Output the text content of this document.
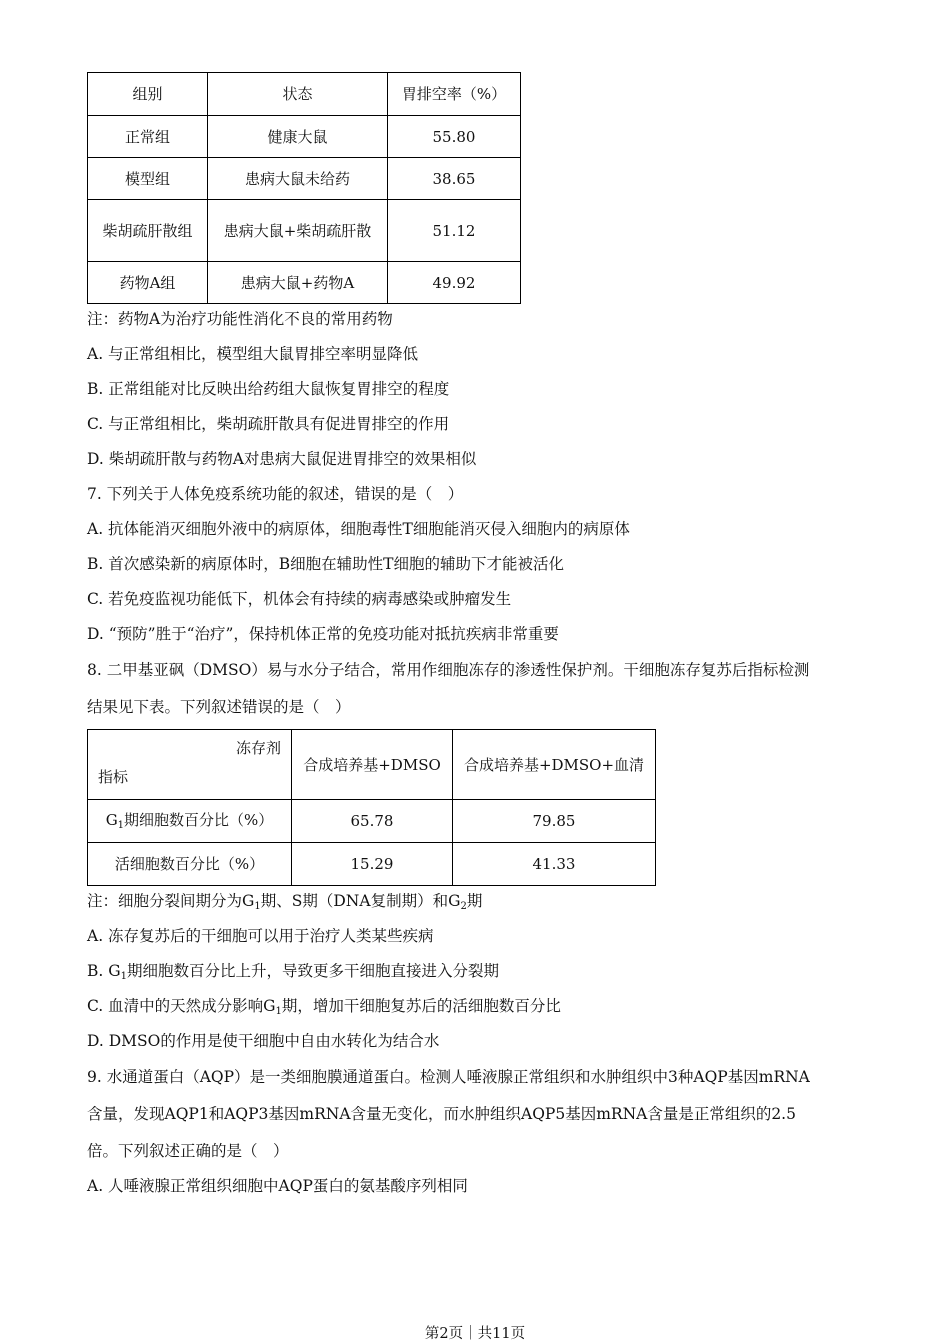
组别	状态	胃排空率（%）
正常组	健康大鼠	55.80
模型组	患病大鼠未给药	38.65
柴胡疏肝散组	患病大鼠+柴胡疏肝散	51.12
药物A组	患病大鼠+药物A	49.92
注：药物A为治疗功能性消化不良的常用药物
A. 与正常组相比，模型组大鼠胃排空率明显降低
B. 正常组能对比反映出给药组大鼠恢复胃排空的程度
C. 与正常组相比，柴胡疏肝散具有促进胃排空的作用
D. 柴胡疏肝散与药物A对患病大鼠促进胃排空的效果相似
7. 下列关于人体免疫系统功能的叙述，错误的是（　）
A. 抗体能消灭细胞外液中的病原体，细胞毒性T细胞能消灭侵入细胞内的病原体
B. 首次感染新的病原体时，B细胞在辅助性T细胞的辅助下才能被活化
C. 若免疫监视功能低下，机体会有持续的病毒感染或肿瘤发生
D. “预防”胜于“治疗”，保持机体正常的免疫功能对抵抗疾病非常重要
8. 二甲基亚砜（DMSO）易与水分子结合，常用作细胞冻存的渗透性保护剂。干细胞冻存复苏后指标检测
结果见下表。下列叙述错误的是（　）
冻存剂
指标	合成培养基+DMSO	合成培养基+DMSO+血清
$G_1$期细胞数百分比（%）	65.78	79.85
活细胞数百分比（%）	15.29	41.33
注：细胞分裂间期分为$G_1$期、S期（DNA复制期）和$G_2$期
A. 冻存复苏后的干细胞可以用于治疗人类某些疾病
B. $G_1$期细胞数百分比上升，导致更多干细胞直接进入分裂期
C. 血清中的天然成分影响$G_1$期，增加干细胞复苏后的活细胞数百分比
D. DMSO的作用是使干细胞中自由水转化为结合水
9. 水通道蛋白（AQP）是一类细胞膜通道蛋白。检测人唾液腺正常组织和水肿组织中3种AQP基因mRNA
含量，发现AQP1和AQP3基因mRNA含量无变化，而水肿组织AQP5基因mRNA含量是正常组织的2.5
倍。下列叙述正确的是（　）
A. 人唾液腺正常组织细胞中AQP蛋白的氨基酸序列相同
第2页｜共11页
